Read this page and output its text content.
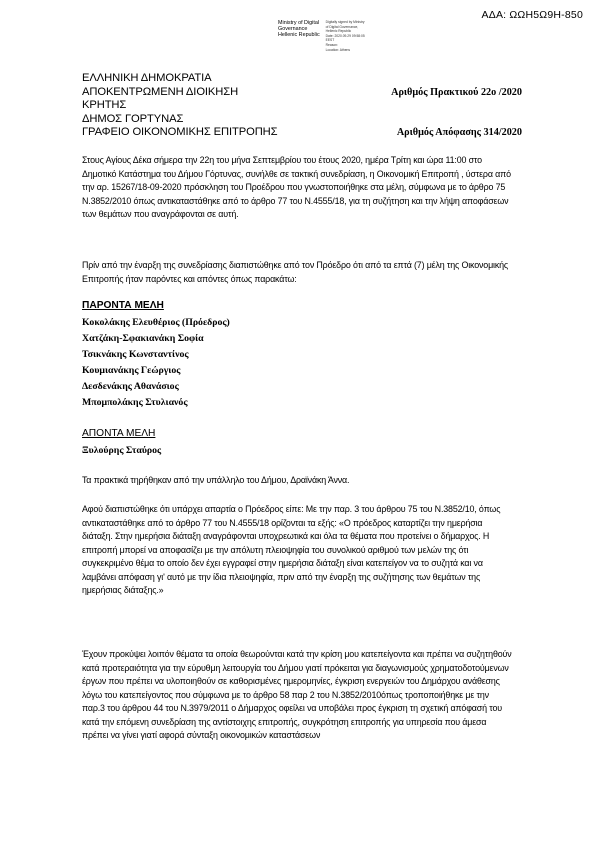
ΑΔΑ: ΩΩΗ5Ω9Η-850
Ministry of Digital
Governance
Hellenic Republic
Digitally signed by Ministry
of Digital Governance,
Hellenic Republic
Date: 2020.09.29 09:58:05
EEST
Reason:
Location: Athens
ΕΛΛΗΝΙΚΗ ΔΗΜΟΚΡΑΤΙΑ
ΑΠΟΚΕΝΤΡΩΜΕΝΗ ΔΙΟΙΚΗΣΗ	Αριθμός Πρακτικού 22ο /2020
ΚΡΗΤΗΣ
ΔΗΜΟΣ ΓΟΡΤΥΝΑΣ
ΓΡΑΦΕΙΟ ΟΙΚΟΝΟΜΙΚΗΣ ΕΠΙΤΡΟΠΗΣ	Αριθμός Απόφασης 314/2020

Στους Αγίους Δέκα σήμερα την 22η του μήνα Σεπτεμβρίου του έτους 2020, ημέρα Τρίτη και ώρα 11:00 στο Δημοτικό Κατάστημα του Δήμου Γόρτυνας, συνήλθε σε τακτική συνεδρίαση, η Οικονομική Επιτροπή , ύστερα από την αρ. 15267/18-09-2020 πρόσκληση του Προέδρου που γνωστοποιήθηκε στα μέλη, σύμφωνα με το άρθρο 75 Ν.3852/2010 όπως αντικαταστάθηκε από το άρθρο 77 του Ν.4555/18, για τη συζήτηση και την λήψη αποφάσεων των θεμάτων που αναγράφονται σε αυτή.

Πρίν από την έναρξη της συνεδρίασης διαπιστώθηκε από τον Πρόεδρο ότι από τα επτά (7) μέλη της Οικονομικής Επιτροπής ήταν παρόντες και απόντες όπως παρακάτω:

ΠΑΡΟΝΤΑ ΜΕΛΗ
Κοκολάκης Ελευθέριος (Πρόεδρος)
Χατζάκη-Σφακιανάκη Σοφία
Τσικνάκης Κωνσταντίνος
Κουμιανάκης Γεώργιος
Δεσδενάκης Αθανάσιος
Μπομπολάκης Στυλιανός
ΑΠΟΝΤΑ ΜΕΛΗ
Ξυλούρης Σταύρος

Τα πρακτικά τηρήθηκαν από την υπάλληλο του Δήμου, Δραϊνάκη Άννα.

Αφού διαπιστώθηκε ότι υπάρχει απαρτία ο Πρόεδρος είπε: Με την παρ. 3 του άρθρου 75 του Ν.3852/10, όπως αντικαταστάθηκε από το άρθρο 77 του Ν.4555/18 ορίζονται τα εξής: «Ο πρόεδρος καταρτίζει την ημερήσια διάταξη. Στην ημερήσια διάταξη αναγράφονται υποχρεωτικά και όλα τα θέματα που προτείνει ο δήμαρχος. Η επιτροπή μπορεί να αποφασίζει με την απόλυτη πλειοψηφία του συνολικού αριθμού των μελών της ότι συγκεκριμένο θέμα το οποίο δεν έχει εγγραφεί στην ημερήσια διάταξη είναι κατεπείγον να το συζητά και να λαμβάνει απόφαση γι' αυτό με την ίδια πλειοψηφία, πριν από την έναρξη της συζήτησης των θεμάτων της ημερήσιας διάταξης.»

Έχουν προκύψει λοιπόν θέματα τα οποία θεωρούνται κατά την κρίση μου κατεπείγοντα και πρέπει να συζητηθούν κατά προτεραιότητα για την εύρυθμη λειτουργία του Δήμου γιατί πρόκειται για διαγωνισμούς χρηματοδοτούμενων έργων που πρέπει να υλοποιηθούν σε καθορισμένες ημερομηνίες, έγκριση ενεργειών του Δημάρχου ανάθεσης λόγω του κατεπείγοντος που σύμφωνα με το άρθρο 58 παρ 2 του Ν.3852/2010όπως τροποποιήθηκε με την παρ.3 του άρθρου 44 του Ν.3979/2011 ο Δήμαρχος οφείλει να υποβάλει προς έγκριση τη σχετική απόφασή του κατά την επόμενη συνεδρίαση της αντίστοιχης επιτροπής, συγκρότηση επιτροπής για υπηρεσία που άμεσα πρέπει να γίνει γιατί αφορά σύνταξη οικονομικών καταστάσεων
